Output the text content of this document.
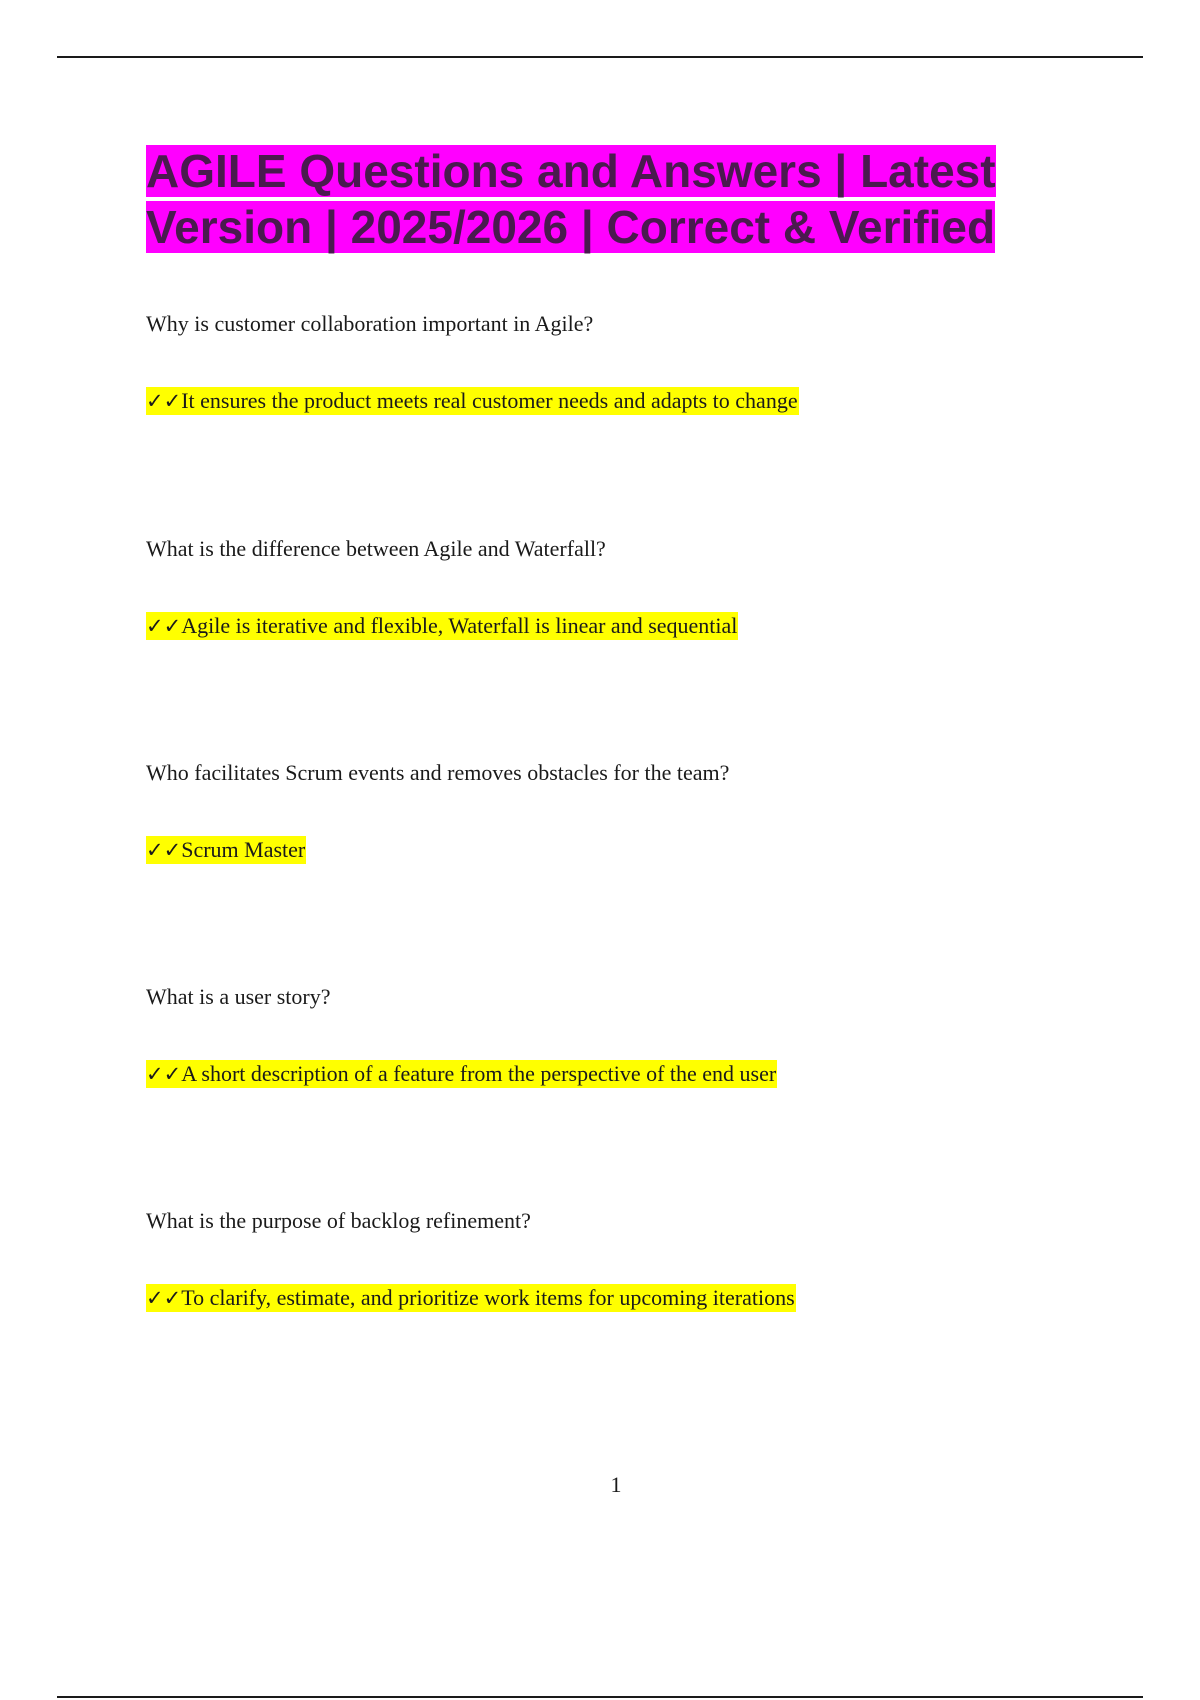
AGILE Questions and Answers | Latest Version | 2025/2026 | Correct & Verified

Why is customer collaboration important in Agile?

✓✓It ensures the product meets real customer needs and adapts to change

What is the difference between Agile and Waterfall?

✓✓Agile is iterative and flexible, Waterfall is linear and sequential

Who facilitates Scrum events and removes obstacles for the team?

✓✓Scrum Master

What is a user story?

✓✓A short description of a feature from the perspective of the end user

What is the purpose of backlog refinement?

✓✓To clarify, estimate, and prioritize work items for upcoming iterations

1
